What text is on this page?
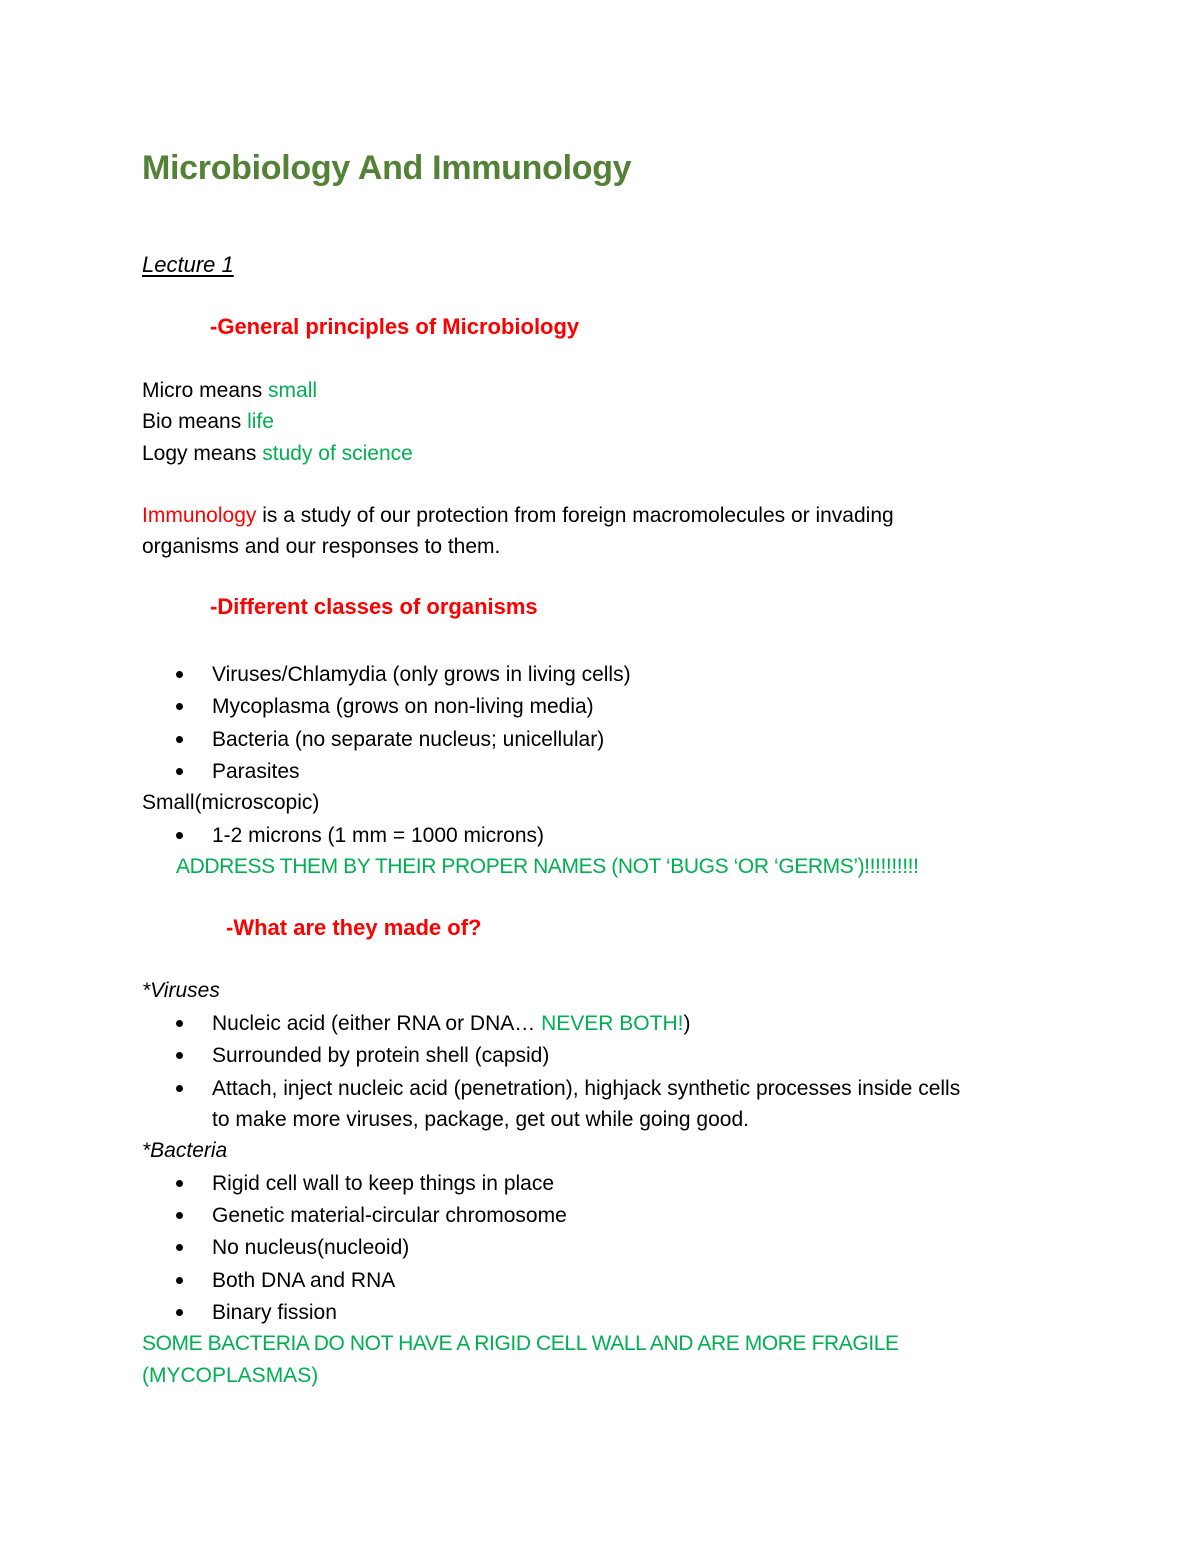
Microbiology And Immunology
Lecture 1
-General principles of Microbiology
Micro means small
Bio means life
Logy means study of science
Immunology is a study of our protection from foreign macromolecules or invading
organisms and our responses to them.
-Different classes of organisms
Viruses/Chlamydia (only grows in living cells)
Mycoplasma (grows on non-living media)
Bacteria (no separate nucleus; unicellular)
Parasites
Small(microscopic)
1-2 microns (1 mm = 1000 microns)
ADDRESS THEM BY THEIR PROPER NAMES (NOT ‘BUGS ‘OR ‘GERMS’)!!!!!!!!!!
-What are they made of?
*Viruses
Nucleic acid (either RNA or DNA… NEVER BOTH!)
Surrounded by protein shell (capsid)
Attach, inject nucleic acid (penetration), highjack synthetic processes inside cells
to make more viruses, package, get out while going good.
*Bacteria
Rigid cell wall to keep things in place
Genetic material-circular chromosome
No nucleus(nucleoid)
Both DNA and RNA
Binary fission
SOME BACTERIA DO NOT HAVE A RIGID CELL WALL AND ARE MORE FRAGILE
(MYCOPLASMAS)
